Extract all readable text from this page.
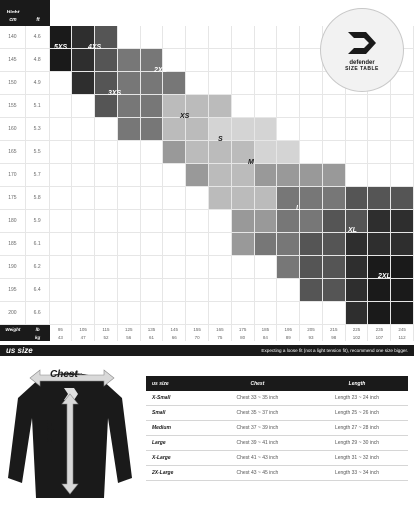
cm	ft
140	4.6
145	4.8
150	4.9
155	5.1
160	5.3
165	5.5
170	5.7
175	5.8
180	5.9
185	6.1
190	6.2
195	6.4
200	6.6
Weight	lb	95	105	115	125	135	145	155	165	175	185	195	205	215	225	235	245
kg	43	47	52	56	61	66	70	75	80	84	89	93	98	102	107	112
5XS	4XS
2XS
3XS
XS
S
M
L
XL
2XL
defender
SIZE TABLE
us size	Expecting a loose fit (not a light tension fit), recommend one size bigger.
Chest
Length
us size	Chest	Length
X-Small	Chest 33 ~ 35 inch	Length 23 ~ 24 inch
Small	Chest 35 ~ 37 inch	Length 25 ~ 26 inch
Medium	Chest 37 ~ 39 inch	Length 27 ~ 28 inch
Large	Chest 39 ~ 41 inch	Length 29 ~ 30 inch
X-Large	Chest 41 ~ 43 inch	Length 31 ~ 32 inch
2X-Large	Chest 43 ~ 45 inch	Length 33 ~ 34 inch
